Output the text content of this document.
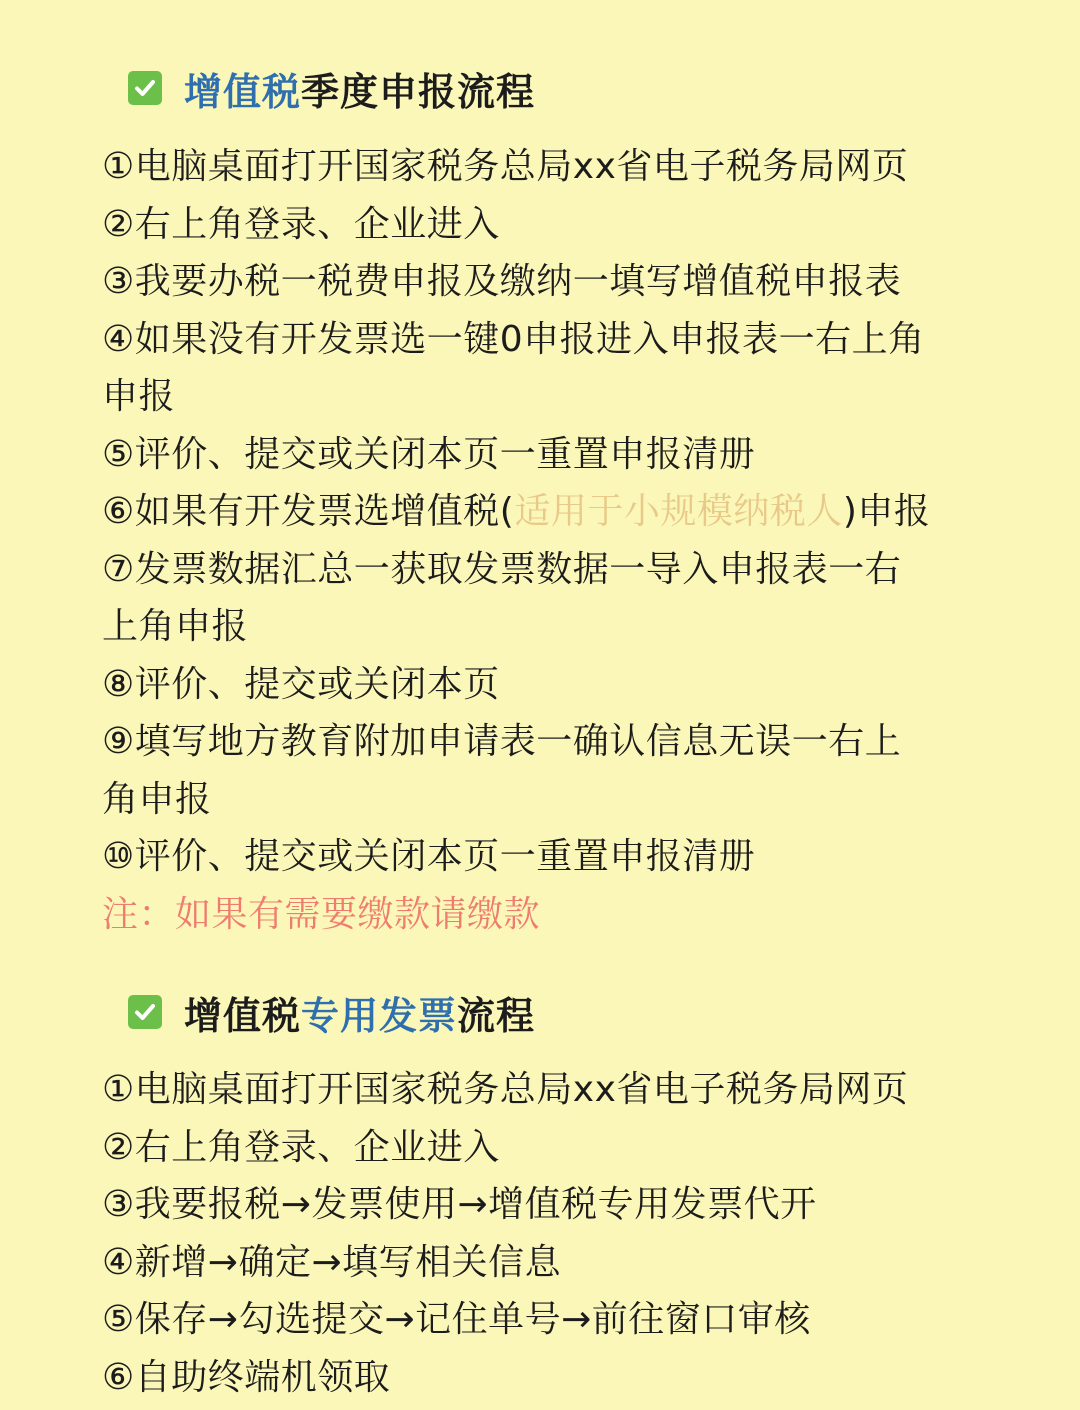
增值税 季度申报流程
①电脑桌面打开国家税务总局xx省电子税务局网页
②右上角登录、企业进入
③我要办税一税费申报及缴纳一填写增值税申报表
④如果没有开发票选一键0申报进入申报表一右上角
申报
⑤评价、提交或关闭本页一重置申报清册
⑥如果有开发票选增值税(适用于小规模纳税人)申报
⑦发票数据汇总一获取发票数据一导入申报表一右
上角申报
⑧评价、提交或关闭本页
⑨填写地方教育附加申请表一确认信息无误一右上
角申报
⑩评价、提交或关闭本页一重置申报清册
注：如果有需要缴款请缴款
增值税 专用发票 流程
①电脑桌面打开国家税务总局xx省电子税务局网页
②右上角登录、企业进入
③我要报税→发票使用→增值税专用发票代开
④新增→确定→填写相关信息
⑤保存→勾选提交→记住单号→前往窗口审核
⑥自助终端机领取
